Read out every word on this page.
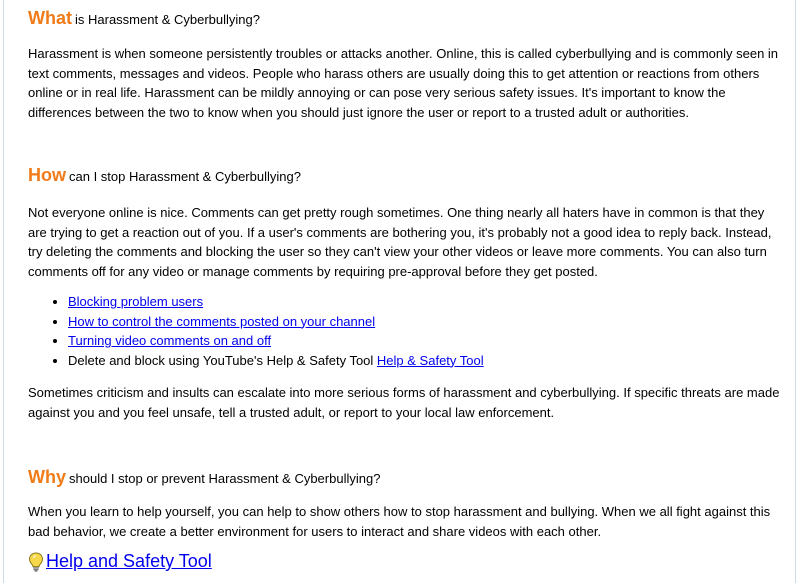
What is Harassment & Cyberbullying?

Harassment is when someone persistently troubles or attacks another. Online, this is called cyberbullying and is commonly seen in text comments, messages and videos. People who harass others are usually doing this to get attention or reactions from others online or in real life. Harassment can be mildly annoying or can pose very serious safety issues. It's important to know the differences between the two to know when you should just ignore the user or report to a trusted adult or authorities.

How can I stop Harassment & Cyberbullying?

Not everyone online is nice. Comments can get pretty rough sometimes. One thing nearly all haters have in common is that they are trying to get a reaction out of you. If a user's comments are bothering you, it's probably not a good idea to reply back. Instead, try deleting the comments and blocking the user so they can't view your other videos or leave more comments. You can also turn comments off for any video or manage comments by requiring pre-approval before they get posted.

• Blocking problem users
• How to control the comments posted on your channel
• Turning video comments on and off
• Delete and block using YouTube's Help & Safety Tool Help & Safety Tool

Sometimes criticism and insults can escalate into more serious forms of harassment and cyberbullying. If specific threats are made against you and you feel unsafe, tell a trusted adult, or report to your local law enforcement.

Why should I stop or prevent Harassment & Cyberbullying?

When you learn to help yourself, you can help to show others how to stop harassment and bullying. When we all fight against this bad behavior, we create a better environment for users to interact and share videos with each other.

Help and Safety Tool
